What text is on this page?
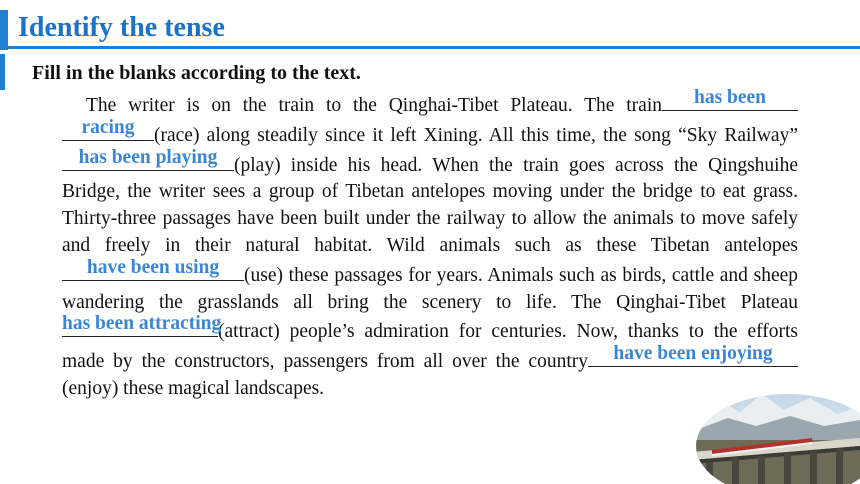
Identify the tense
Fill in the blanks according to the text.
The writer is on the train to the Qinghai-Tibet Plateau. The train	has been

racing (race) along steadily since it left Xining. All this time, the song “Sky Railway”
has been playing (play) inside his head. When the train goes across the Qingshuihe Bridge, the writer sees a group of Tibetan antelopes moving under the bridge to eat grass. Thirty-three passages have been built under the railway to allow the animals to move safely and freely in their natural habitat. Wild animals such as these Tibetan antelopes
have been using	(use) these passages for years. Animals such as birds, cattle and sheep wandering the grasslands all bring the scenery to life. The Qinghai-Tibet Plateau
has been attracting
(attract) people’s admiration for centuries. Now, thanks to the efforts made by the constructors, passengers from all over the country	have been enjoying
(enjoy) these magical landscapes.
